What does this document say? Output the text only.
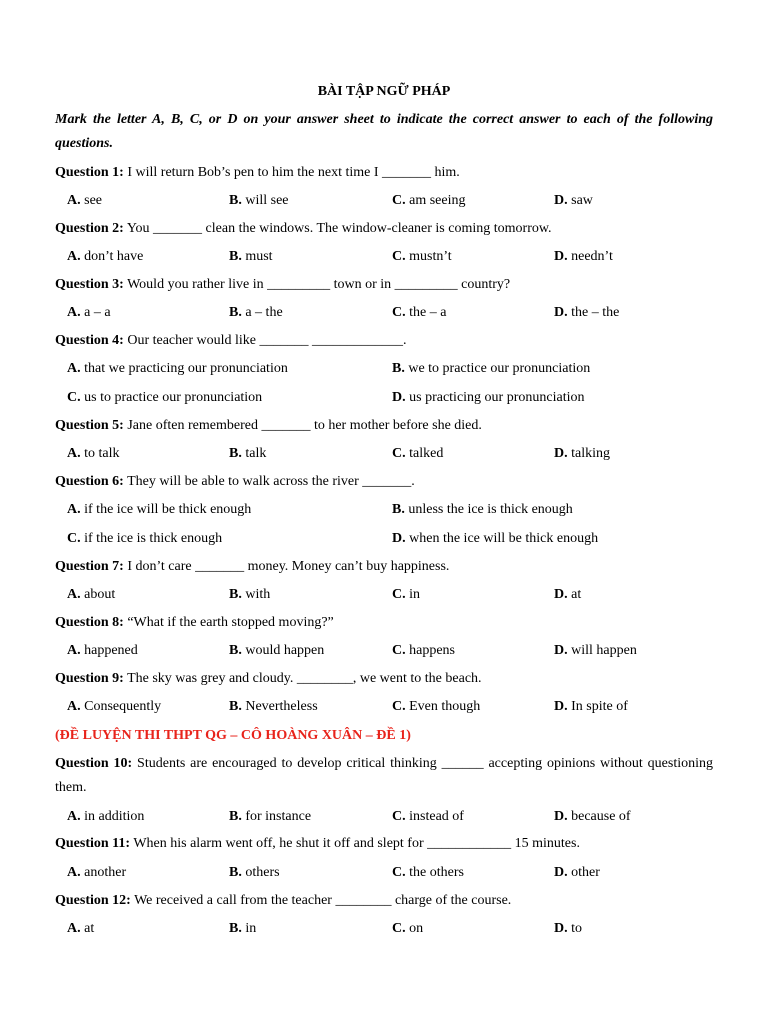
BÀI TẬP NGỮ PHÁP
Mark the letter A, B, C, or D on your answer sheet to indicate the correct answer to each of the following questions.
(ĐỀ LUYỆN THI THPT QG – CÔ HOÀNG XUÂN – ĐỀ 1)
Question 1: I will return Bob’s pen to him the next time I _______ him.
A. see	B. will see	C. am seeing	D. saw
Question 2: You _______ clean the windows. The window-cleaner is coming tomorrow.
A. don’t have	B. must	C. mustn’t	D. needn’t
Question 3: Would you rather live in _________ town or in _________ country?
A. a – a	B. a – the	C. the – a	D. the – the
Question 4: Our teacher would like _______ _____________.
A. that we practicing our pronunciation	B. we to practice our pronunciation
C. us to practice our pronunciation	D. us practicing our pronunciation
Question 5: Jane often remembered _______ to her mother before she died.
A. to talk	B. talk	C. talked	D. talking
Question 6: They will be able to walk across the river _______.
A. if the ice will be thick enough	B. unless the ice is thick enough
C. if the ice is thick enough	D. when the ice will be thick enough
Question 7: I don’t care _______ money. Money can’t buy happiness.
A. about	B. with	C. in	D. at
Question 8: “What if the earth stopped moving?”
A. happened	B. would happen	C. happens	D. will happen
Question 9: The sky was grey and cloudy. ________, we went to the beach.
A. Consequently	B. Nevertheless	C. Even though	D. In spite of
Question 10: Students are encouraged to develop critical thinking ______ accepting opinions without questioning them.
A. in addition	B. for instance	C. instead of	D. because of
Question 11: When his alarm went off, he shut it off and slept for ____________ 15 minutes.
A. another	B. others	C. the others	D. other
Question 12: We received a call from the teacher ________ charge of the course.
A. at	B. in	C. on	D. to
